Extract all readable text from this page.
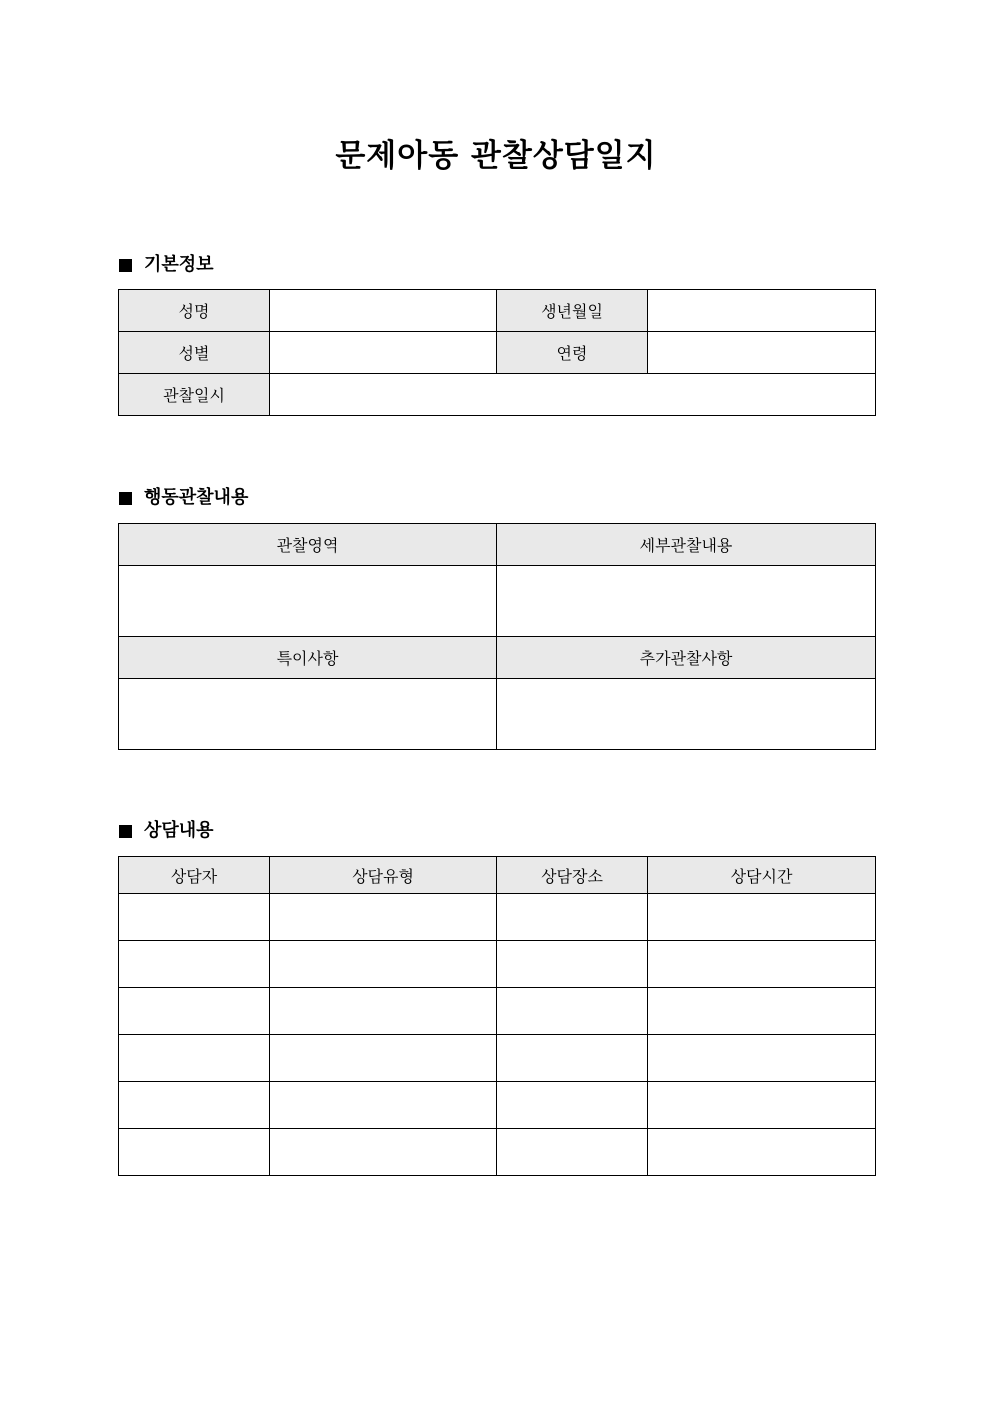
문제아동 관찰상담일지
기본정보
성명		생년월일	
성별		연령	
관찰일시			
행동관찰내용
관찰영역	세부관찰내용

특이사항	추가관찰사항

상담내용
상담자	상담유형	상담장소	상담시간
